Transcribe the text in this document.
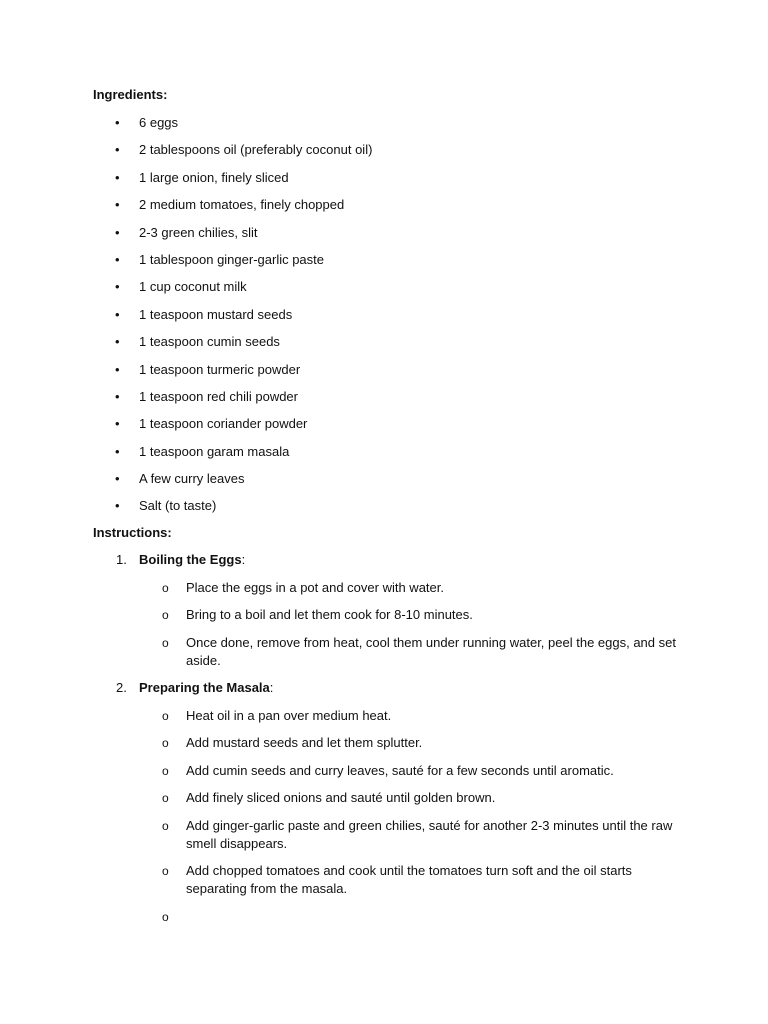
Ingredients:
• 6 eggs
• 2 tablespoons oil (preferably coconut oil)
• 1 large onion, finely sliced
• 2 medium tomatoes, finely chopped
• 2-3 green chilies, slit
• 1 tablespoon ginger-garlic paste
• 1 cup coconut milk
• 1 teaspoon mustard seeds
• 1 teaspoon cumin seeds
• 1 teaspoon turmeric powder
• 1 teaspoon red chili powder
• 1 teaspoon coriander powder
• 1 teaspoon garam masala
• A few curry leaves
• Salt (to taste)
Instructions:
1. Boiling the Eggs:
o Place the eggs in a pot and cover with water.
o Bring to a boil and let them cook for 8-10 minutes.
o Once done, remove from heat, cool them under running water, peel the eggs, and set aside.
2. Preparing the Masala:
o Heat oil in a pan over medium heat.
o Add mustard seeds and let them splutter.
o Add cumin seeds and curry leaves, sauté for a few seconds until aromatic.
o Add finely sliced onions and sauté until golden brown.
o Add ginger-garlic paste and green chilies, sauté for another 2-3 minutes until the raw smell disappears.
o Add chopped tomatoes and cook until the tomatoes turn soft and the oil starts separating from the masala.
o
